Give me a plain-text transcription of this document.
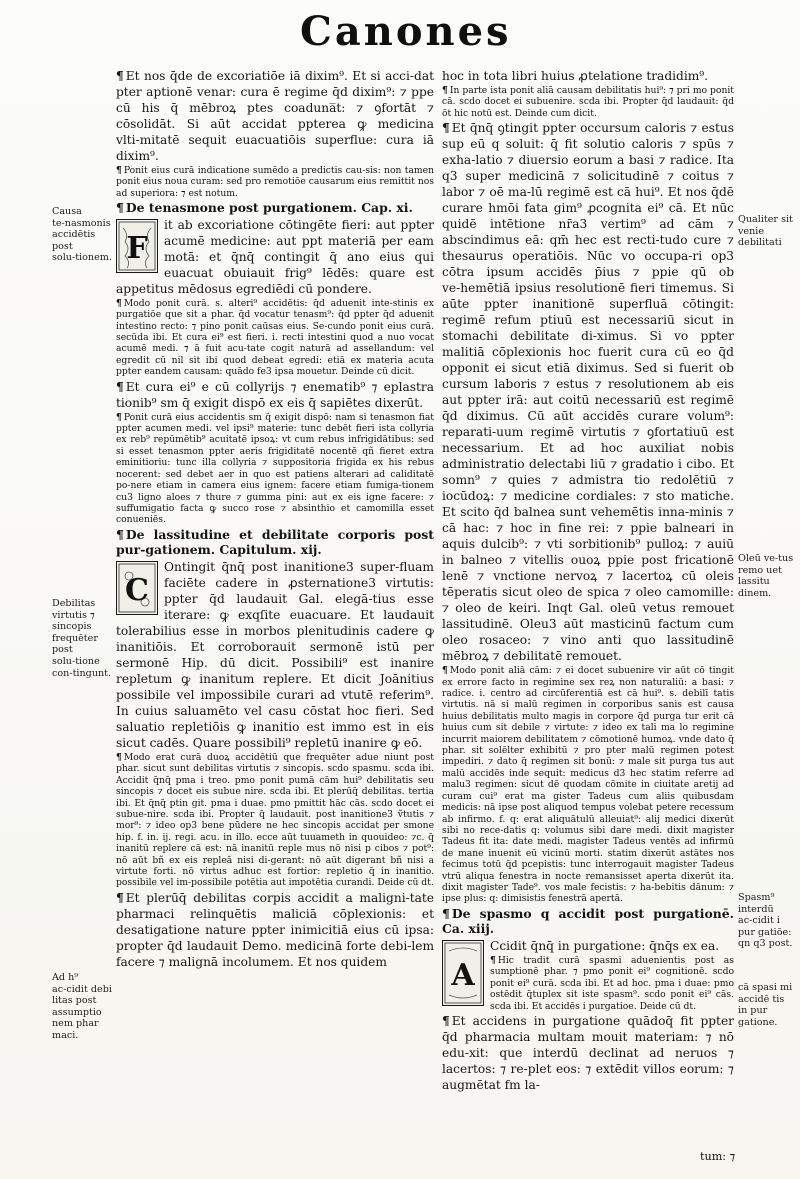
Canones
Causa te‑nasmonis accidētis post solu‑tionem.
Debilitas virtutis ⁊ sincopis frequēter post solu‑tione con‑tingunt.
Ad h⁹ ac‑cidit debi litas post assumptio nem phar maci.
Qualiter sit venie debilitati
Oleū ve‑tus remo uet lassitu dinem.
Spasm⁹ interdū ac‑cidit i pur gatiōe: qn q3 post.
cā spasi mi accidē tis in pur gatione.

¶ Et nos q̄de de excoriatiōe iā dixim⁹. Et si acci‑dat pter aptionē venar: cura ē regime q̄d dixim⁹: ⁊ ppe cū his q̄ mēbroꝝ ptes coaduna̅t: ⁊ ꝯfortāt ⁊ cōsolidāt. Si aūt accidat ppterea ꝙ medicina vlti‑mitatē sequit euacuatiōis superflue: cura iā dixim⁹.

¶ Ponit eius curā indicatione sumēdo a predictis cau‑sis: non tamen ponit eius noua curam: sed pro remotiōe causarum eius remittit nos ad superiora: ⁊ est notum.

¶ De tenasmone post purgationem. Cap. xi.

F
it ab excoriatione cōtingēte fieri: aut ppter acumē medicine: aut ppt materiā per eam motā: et q̄nq̄ contingit q̄ ano eius qui euacuat obuiauit frig⁹ lēdēs: quare est appetitus mēdosus egrediēdi cū pondere.

¶ Modo ponit curā. s. alteri⁹ accidētis: q̄d aduenit inte‑stinis ex purgatiōe que sit a phar. q̄d vocatur tenasm⁹: q̄d ppter q̄d aduenit intestino recto: ⁊ pino ponit caūsas eius. Se‑cundo ponit eius curā. secūda ibi. Et cura ei⁹ est fieri. i. recti intestini quod a nuo vocat acumē medi. ⁊ ā fuit acu‑tate cogit naturā ad assellandum: vel egredit cū nil sit ibi quod debeat egredi: etiā ex materia acuta ppter eandem causam: quādo fe3 ipsa mouetur. Deinde cū dicit.

¶ Et cura ei⁹ e cū collyrijs ⁊ enematib⁹ ⁊ eplastra tionib⁹ sm q̄ exigit dispō ex eis q̄ sapiētes dixerūt.

¶ Ponit curā eius accidentis sm q̄ exigit dispō: nam si tenasmon fiat ppter acumen medi. vel ipsi⁹ materie: tunc debēt fieri ista collyria ex reb⁹ repūmētib⁹ acuitatē ipsoꝝ: vt cum rebus infrigidātibus: sed si esset tenasmon ppter aeris frigiditatē nocentē qñ fieret extra eminitioriu: tunc illa collyria ⁊ suppositoria frigida ex his rebus nocerent: sed debet aer in quo est patiens alterari ad caliditatē po‑nere etiam in camera eius ignem: facere etiam fumiga‑tionem cu3 ligno aloes ⁊ thure ⁊ gumma pini: aut ex eis igne facere: ⁊ suffumigatio facta ꝙ succo rose ⁊ absinthio et camomilla esset conueniēs.

¶ De lassitudine et debilitate corporis post pur‑gationem. Capitulum. xij.

C
Ontingit q̄nq̄ post inanitione3 super‑fluam faciēte cadere in ꝓsternatione3 virtutis: ppter q̄d laudauit Gal. elegā‑tius esse iterare: ꝙ exqſite euacuare. Et laudauit tolerabilius esse in morbos plenitudinis cadere ꝙ inanitiōis. Et corroborauit sermonē istū per sermonē Hip. dū dicit. Possibili⁹ est inanire repletum ꝙ inanitum replere. Et dicit Joānitius possibile vel impossibile curari ad vtutē referim⁹. In cuius saluamēto vel casu cōstat hoc fieri. Sed saluatio repletiōis ꝙ inanitio est immo est in eis sicut cadēs. Quare possibili⁹ repletū inanire ꝙ eō.

¶ Modo erat curā duoꝝ accidētiū que frequēter adue niunt post phar. sicut sunt debilitas virtutis ⁊ sincopis. scdo spasmu. scda ibi. Accidit q̄nq̄ pma i treo. pmo ponit pumā cām hui⁹ debilitatis seu sincopis ⁊ docet eis subue nire. scda ibi. Et plerūq̄ debilitas. tertia ibi. Et q̄nq̄ ptin git. pma i duae. pmo pmittit hāc cās. scdo docet ei subue‑nire. scda ibi. Propter q̄ laudauit. post inanitione3 ṽtutis ⁊ mor⁹: ⁊ ideo op3 bene pūdere ne hec sincopis accidat per smone hip. f. in. ij. regi. acu. in illo. ecce aūt tuuameth in quouideo: ⁊c. q̄ inanitū replere cā est: nā inanitū reple mus nō nisi p cibos ⁊ pot⁹: nō aūt bñ ex eis repleā nisi di‑gerant: nō aūt digerant bñ nisi a virtute forti. nō virtus adhuc est fortior: repletio q̄ in inanitio. possibile vel im‑possibile potētia aut impotētia curandi. Deide cū dt.

¶ Et plerūq̄ debilitas corpis accidit a maligni‑tate pharmaci relinquētis maliciā cōplexionis: et desatigatione nature ppter inimicitiā eius cū ipsa: propter q̄d laudauit Demo. medicinā forte debi‑lem facere ⁊ malignā incolumem. Et nos quidem

hoc in tota libri huius ꝓtelatione tradidim⁹.

¶ In parte ista ponit aliā causam debilitatis hui⁹: ⁊ pri mo ponit cā. scdo docet ei subuenire. scda ibi. Propter q̄d laudauit: q̄d ōt hic notū est. Deinde cum dicit.

¶ Et q̄nq̄ ꝯtingit ppter occursum caloris ⁊ estus sup eū q soluit: q̄ fit solutio caloris ⁊ spūs ⁊ exha‑latio ⁊ diuersio eorum a basi ⁊ radice. Ita q3 super medicinā ⁊ solicitudinē ⁊ coitus ⁊ labor ⁊ oē ma‑lū regimē est cā hui⁹. Et nos q̄dē curare hmōi fata gim⁹ ꝓcognita ei⁹ cā. Et nūc quidē intētione nr̄a3 vertim⁹ ad cām ⁊ abscindimus eā: qm̄ hec est recti‑tudo cure ⁊ thesaurus operatiōis. Nūc vo occupa‑ri op3 cōtra ipsum accidēs p̄ius ⁊ ppie qū ob ve‑hemētiā ipsius resolutionē fieri timemus. Si aūte ppter inanitionē superfluā cōtingit: regimē refum ptiuū est necessariū sicut in stomachi debilitate di‑ximus. Si vo ppter malitiā cōplexionis hoc fuerit cura cū eo q̄d opponit ei sicut etiā diximus. Sed si fuerit ob cursum laboris ⁊ estus ⁊ resolutionem ab eis aut ppter irā: aut coitū necessariū est regimē q̄d diximus. Cū aūt accidēs curare volum⁹: reparati‑uum regimē virtutis ⁊ ꝯfortatiuū est necessarium. Et ad hoc auxiliat nobis administratio delectabi liū ⁊ gradatio i cibo. Et somn⁹ ⁊ quies ⁊ admistra tio redolētiū ⁊ iocūdoꝝ: ⁊ medicine cordiales: ⁊ sto matiche. Et scito q̄d balnea sunt vehemētis inna‑minis ⁊ cā hac: ⁊ hoc in fine rei: ⁊ ppie balneari in aquis dulcib⁹: ⁊ vti sorbitionib⁹ pulloꝝ: ⁊ auiū in balneo ⁊ vitellis ouoꝝ ppie post fricationē lenē ⁊ vnctione nervoꝝ ⁊ lacertoꝝ cū oleis tēperatis sicut oleo de spica ⁊ oleo camomille: ⁊ oleo de keiri. Inqt Gal. oleū vetus remouet lassitudinē. Oleu3 aūt masticinū factum cum oleo rosaceo: ⁊ vino anti quo lassitudinē mēbroꝝ ⁊ debilitatē remouet.

¶ Modo ponit aliā cām: ⁊ ei docet subuenire vir aūt cō tingit ex errore facto in regimine sex reꝝ non naturaliū: a basi: ⁊ radice. i. centro ad circūferentiā est cā hui⁹. s. debilī tatis virtutis. nā si malū regimen in corporibus sanis est causa huius debilitatis multo magis in corpore q̄d purga tur erit cā huius cum sit debile ⁊ virtute: ⁊ ideo ex tali ma lo regimine incurrit maiorem debilitatem ⁊ cōmotionē humoꝝ. vnde dato q̄ phar. sit solēlter exhibitū ⁊ pro pter malū regimen potest impediri. ⁊ dato q̄ regimen sit bonū: ⁊ male sit purga tus aut malū accidēs inde sequit: medicus d3 hec statim referre ad malu3 regimen: sicut dē quodam cōmite in ciuitate aretij ad curam cui⁹ erat ma gister Tadeus cum aliis quibusdam medicis: nā ipse post aliquod tempus volebat petere recessum ab infirmo. f. q: erat aliquātulū alleuiat⁹: alij medici dixerūt sibi no rece‑datis q: volumus sibi dare medi. dixit magister Tadeus fit ita: date medi. magister Tadeus ventēs ad infirmū de mane inuenit eū vicinū morti. statim dixerūt astātes nos fecimus totū q̄d pcepistis: tunc interrogauit magister Tadeus vtrū aliqua fenestra in nocte remansisset aperta dixerūt ita. dixit magister Tade⁹. vos male fecistis: ⁊ ha‑bebitis dānum: ⁊ ipse plus: q: dimisistis fenestrā apertā.

¶ De spasmo q accidit post purgationē. Ca. xiij.

A
Ccidit q̄nq̄ in purgatione: q̄nq̄s ex ea.

¶ Hic tradit curā spasmi aduenientis post as sumptionē phar. ⁊ pmo ponit ei⁹ cognitionē. scdo ponit ei⁹ curā. scda ibi. Et ad hoc. pma i duae: pmo ostēdit q̄tuplex sit iste spasm⁹. scdo ponit ei⁹ cās. scda ibi. Et accidēs i purgatioe. Deide cū dt.

¶ Et accidens in purgatione quādoq̄ fit ppter q̄d pharmacia multam mouit materiam: ⁊ nō edu‑xit: que interdū declinat ad neruos ⁊ lacertos: ⁊ re‑plet eos: ⁊ extēdit villos eorum: ⁊ augmētat fm la‑

tum: ⁊
